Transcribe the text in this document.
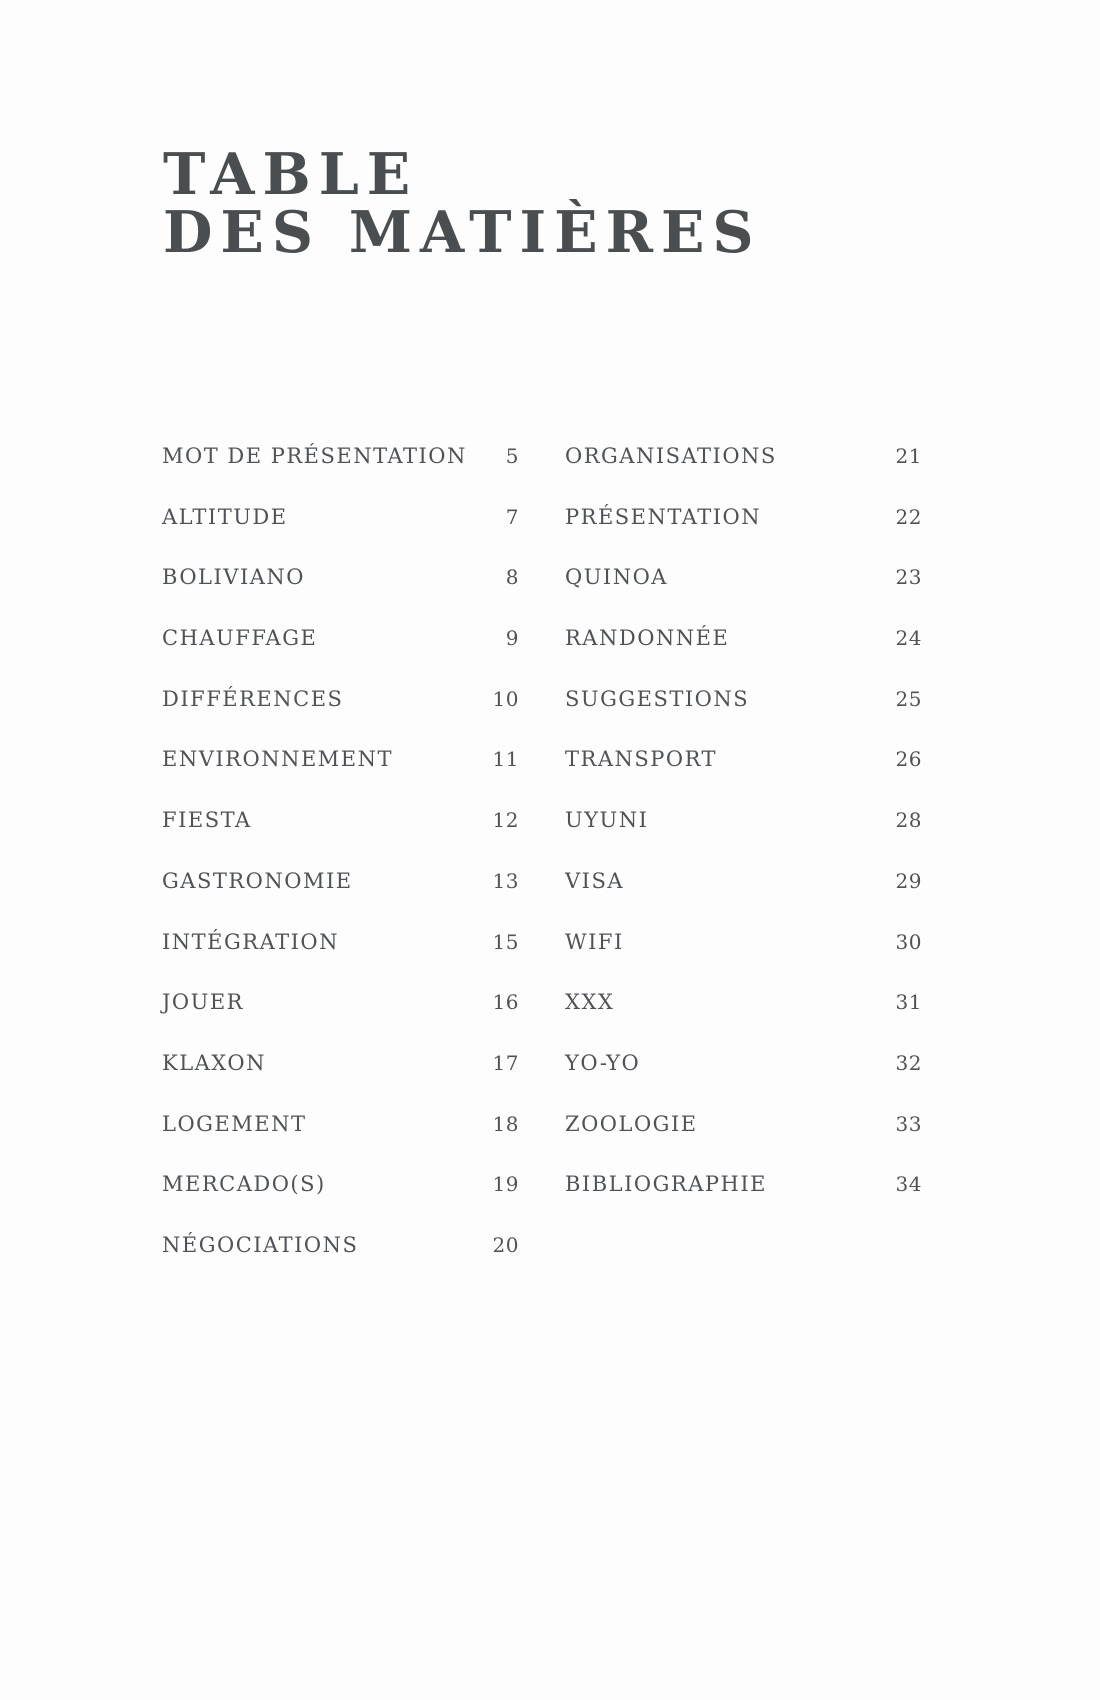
TABLE
DES MATIÈRES
MOT DE PRÉSENTATION 5
ALTITUDE	7
BOLIVIANO	8
CHAUFFAGE	9
DIFFÉRENCES	10
ENVIRONNEMENT	11
FIESTA	12
GASTRONOMIE	13
INTÉGRATION	15
JOUER	16
KLAXON	17
LOGEMENT	18
MERCADO(S)	19
NÉGOCIATIONS	20
ORGANISATIONS	21
PRÉSENTATION	22
QUINOA	23
RANDONNÉE	24
SUGGESTIONS	25
TRANSPORT	26
UYUNI	28
VISA	29
WIFI	30
XXX	31
YO-YO	32
ZOOLOGIE	33
BIBLIOGRAPHIE	34
